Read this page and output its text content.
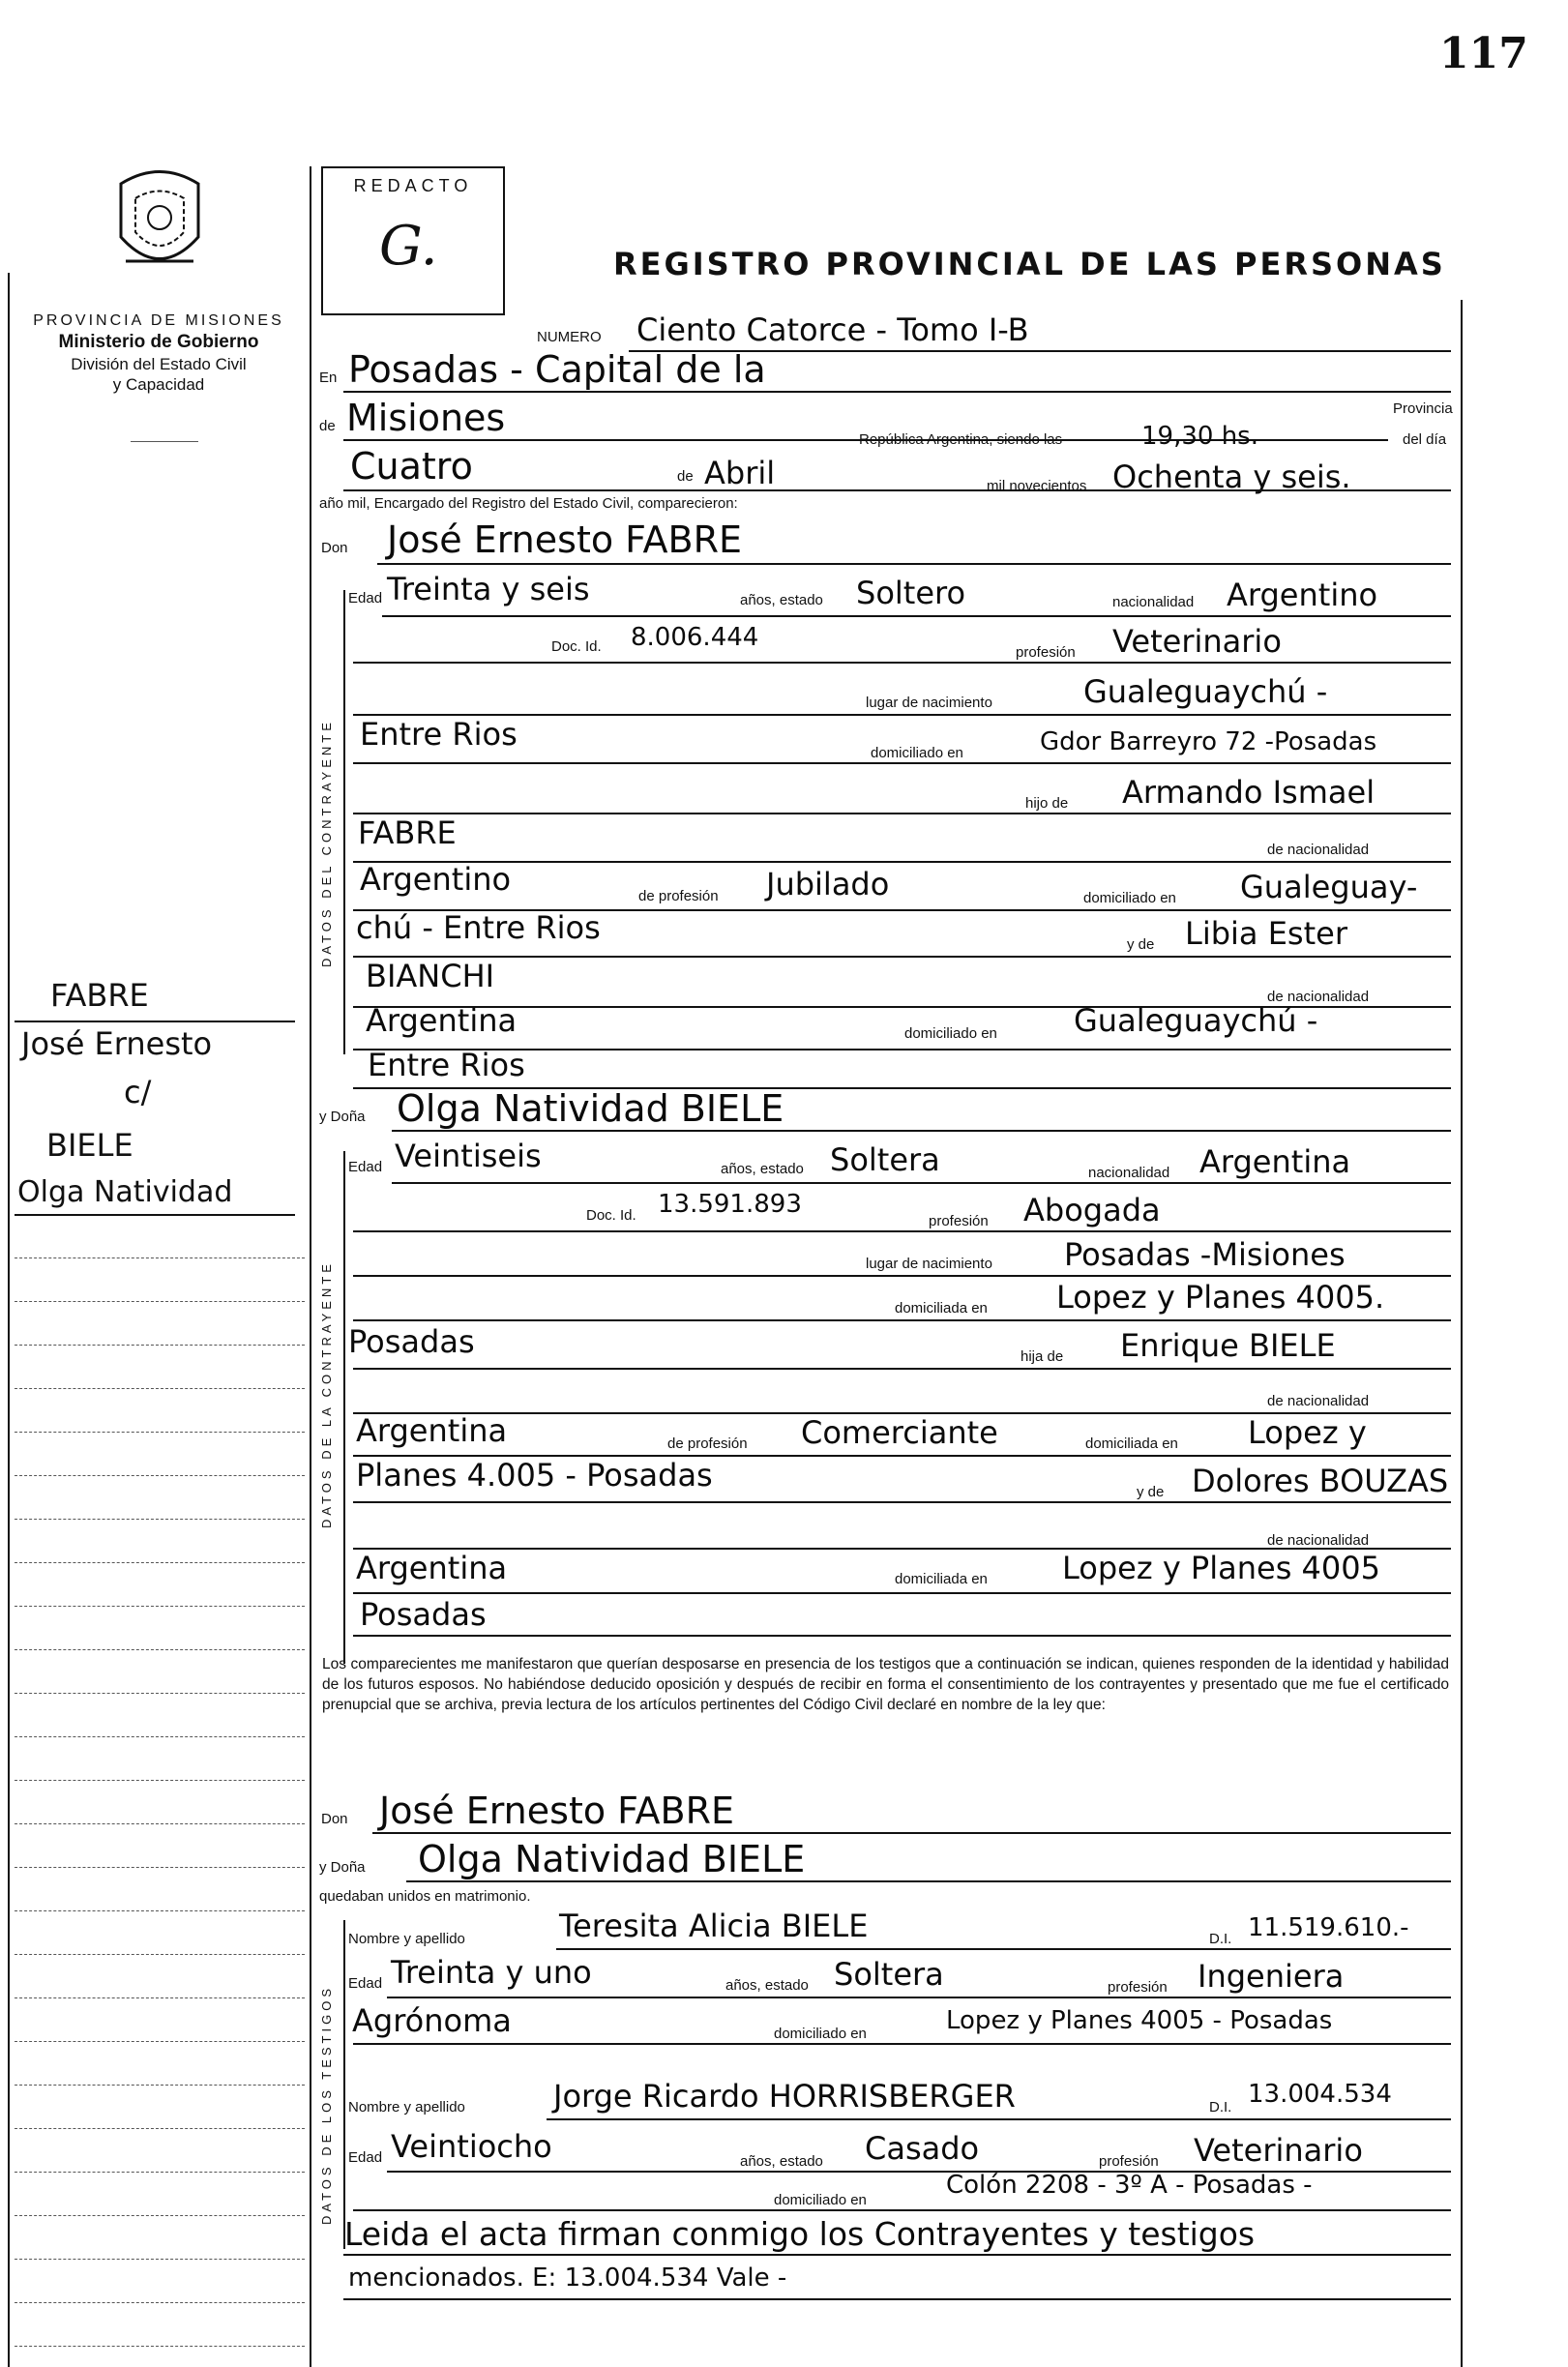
117
PROVINCIA DE MISIONES
Ministerio de Gobierno
División del Estado Civil
y Capacidad
REDACTO
G.	REGISTRO PROVINCIAL DE LAS PERSONAS
DATOS DEL CONTRAYENTE
DATOS DE LA CONTRAYENTE
DATOS DE LOS TESTIGOS
FABRE
José Ernesto
c/
BIELE
Olga Natividad
NUMERO Ciento Catorce - Tomo I-B
En Posadas - Capital de la
de Misiones	Provincia
República Argentina, siendo las	19,30 hs.	del día
Cuatro	de Abril	mil novecientos Ochenta y seis.
año mil, Encargado del Registro del Estado Civil, comparecieron:
Don José Ernesto FABRE
Edad Treinta y seis	años, estado Soltero	nacionalidad Argentino
Doc. Id. 8.006.444
profesión Veterinario
lugar de nacimiento	Gualeguaychú -
Entre Rios
domiciliado en	Gdor Barreyro 72 -Posadas
hijo de Armando Ismael
FABRE	de nacionalidad
Argentino	de profesión Jubilado	domiciliado en Gualeguay-
chú - Entre Rios	y de Libia Ester
BIANCHI
de nacionalidad
Argentina	domiciliado en Gualeguaychú -
Entre Rios
y Doña Olga Natividad BIELE
Edad Veintiseis	años, estado Soltera	nacionalidad Argentina
Doc. Id. 13.591.893
profesión Abogada
lugar de nacimiento Posadas -Misiones
domiciliada en Lopez y Planes 4005.
Posadas	hija de Enrique BIELE
de nacionalidad
Argentina	de profesión Comerciante	domiciliada en Lopez y
Planes 4.005 - Posadas	y de Dolores BOUZAS
de nacionalidad
Argentina	domiciliada en Lopez y Planes 4005
Posadas
Los comparecientes me manifestaron que querían desposarse en presencia de los testigos que a continuación se indican, quienes responden de la identidad y habilidad de los futuros esposos. No habiéndose deducido oposición y después de recibir en forma el consentimiento de los contrayentes y presentado que me fue el certificado prenupcial que se archiva, previa lectura de los artículos pertinentes del Código Civil declaré en nombre de la ley que:
Don José Ernesto FABRE
y Doña Olga Natividad BIELE
quedaban unidos en matrimonio.
Nombre y apellido	Teresita Alicia BIELE	D.I. 11.519.610.-
Edad Treinta y uno	años, estado Soltera	profesión Ingeniera
Agrónoma	domiciliado en	Lopez y Planes 4005 - Posadas
Nombre y apellido	Jorge Ricardo HORRISBERGER	D.I. 13.004.534
Edad Veintiocho	años, estado Casado	profesión Veterinario
domiciliado en
Colón 2208 - 3º A - Posadas -
Leida el acta firman conmigo los Contrayentes y testigos
mencionados. E: 13.004.534 Vale -
